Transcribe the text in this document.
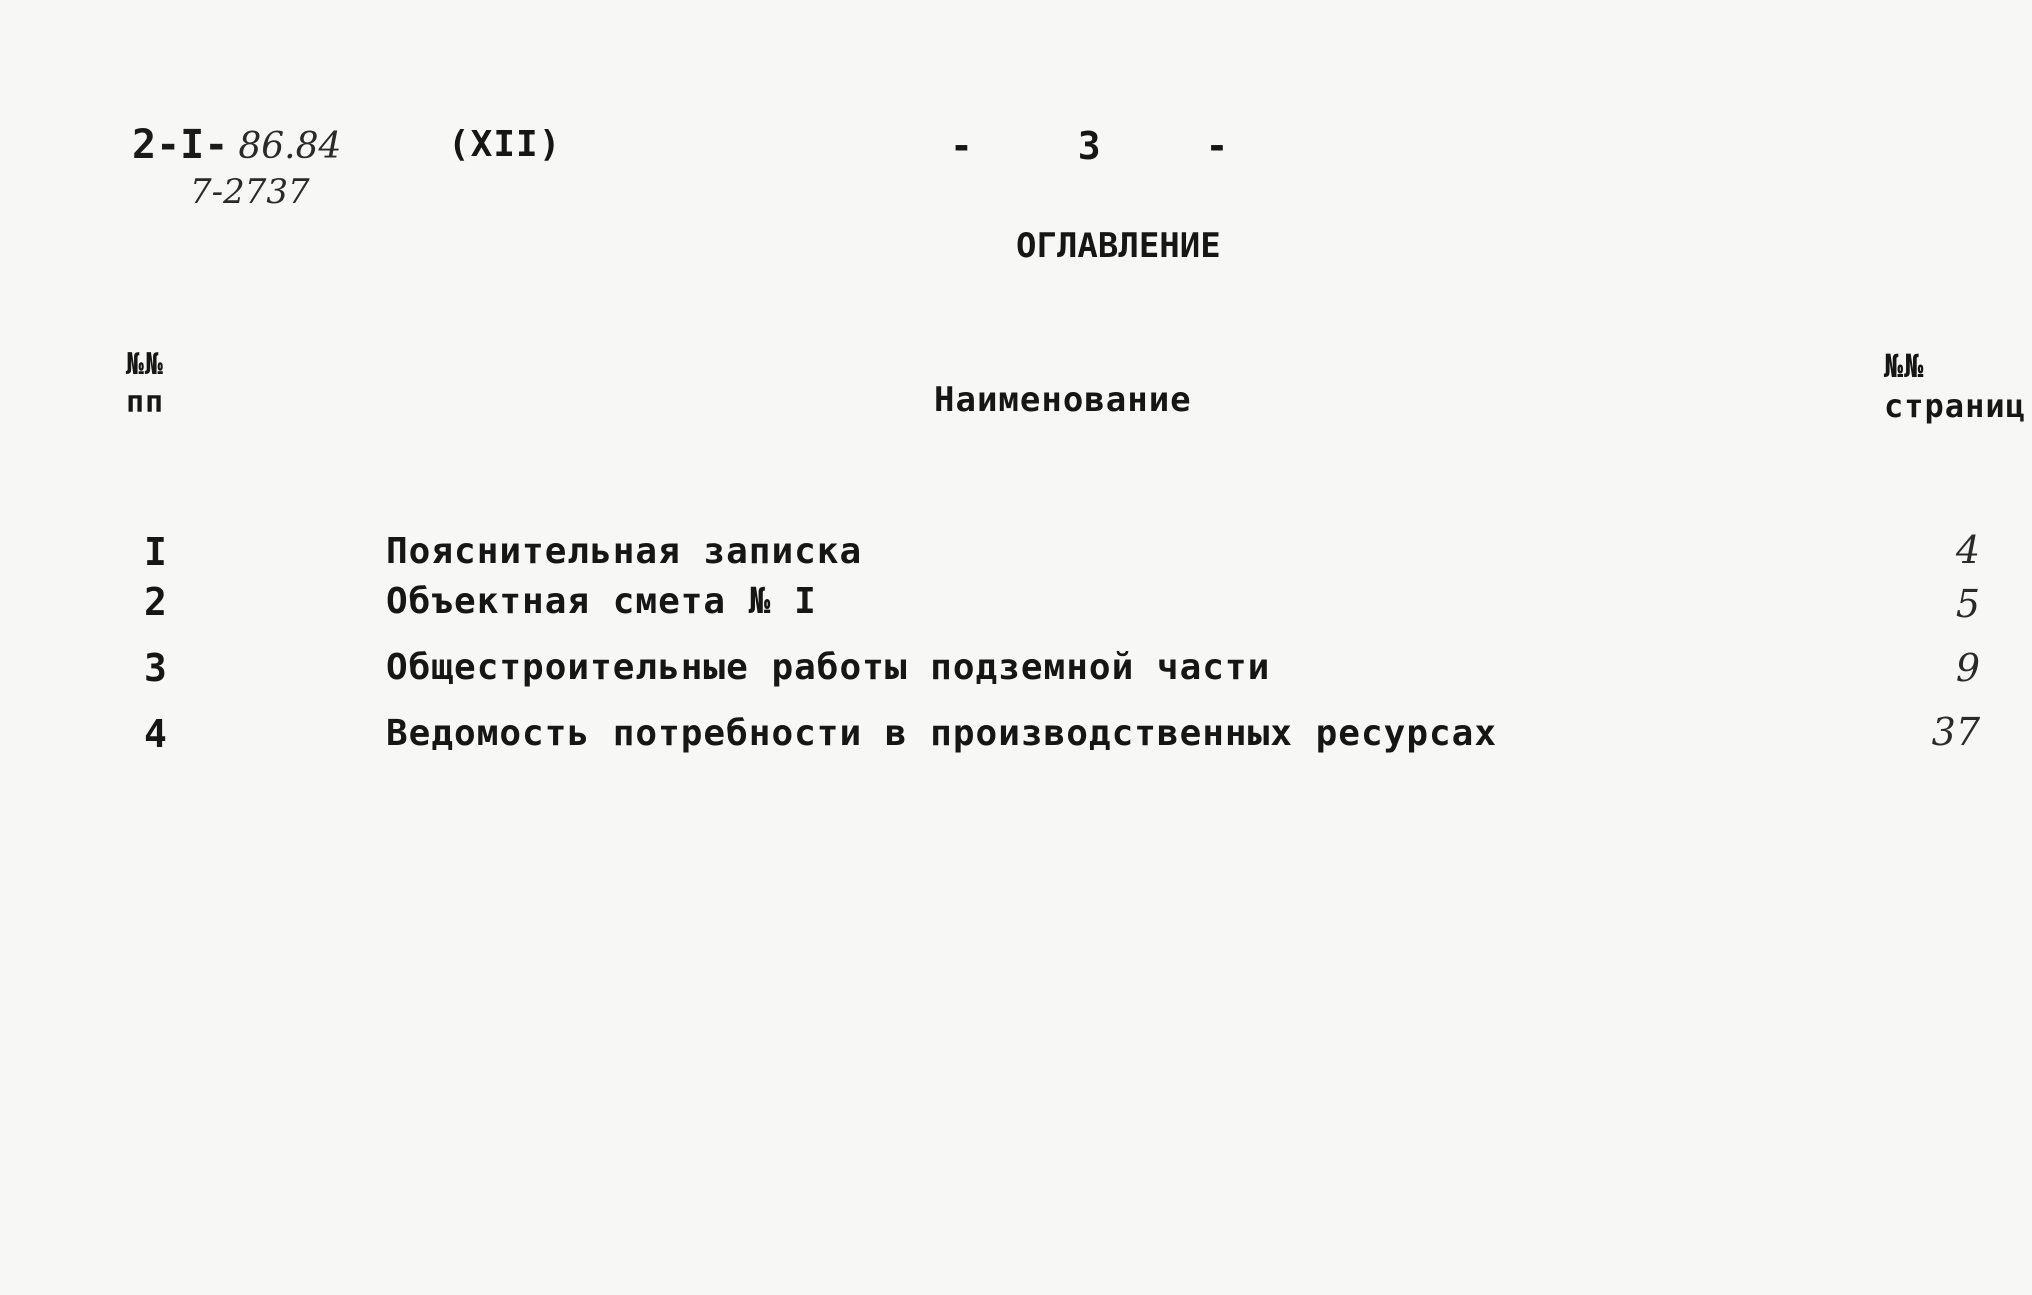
2-I- 86.84
7-2737
(XII)	- 3 -
ОГЛАВЛЕНИЕ
№№
пп	Наименование
№№
страниц
I	Пояснительная записка	4
2	Объектная смета № I	5
3	Общестроительные работы подземной части	9
4	Ведомость потребности в производственных ресурсах	37
